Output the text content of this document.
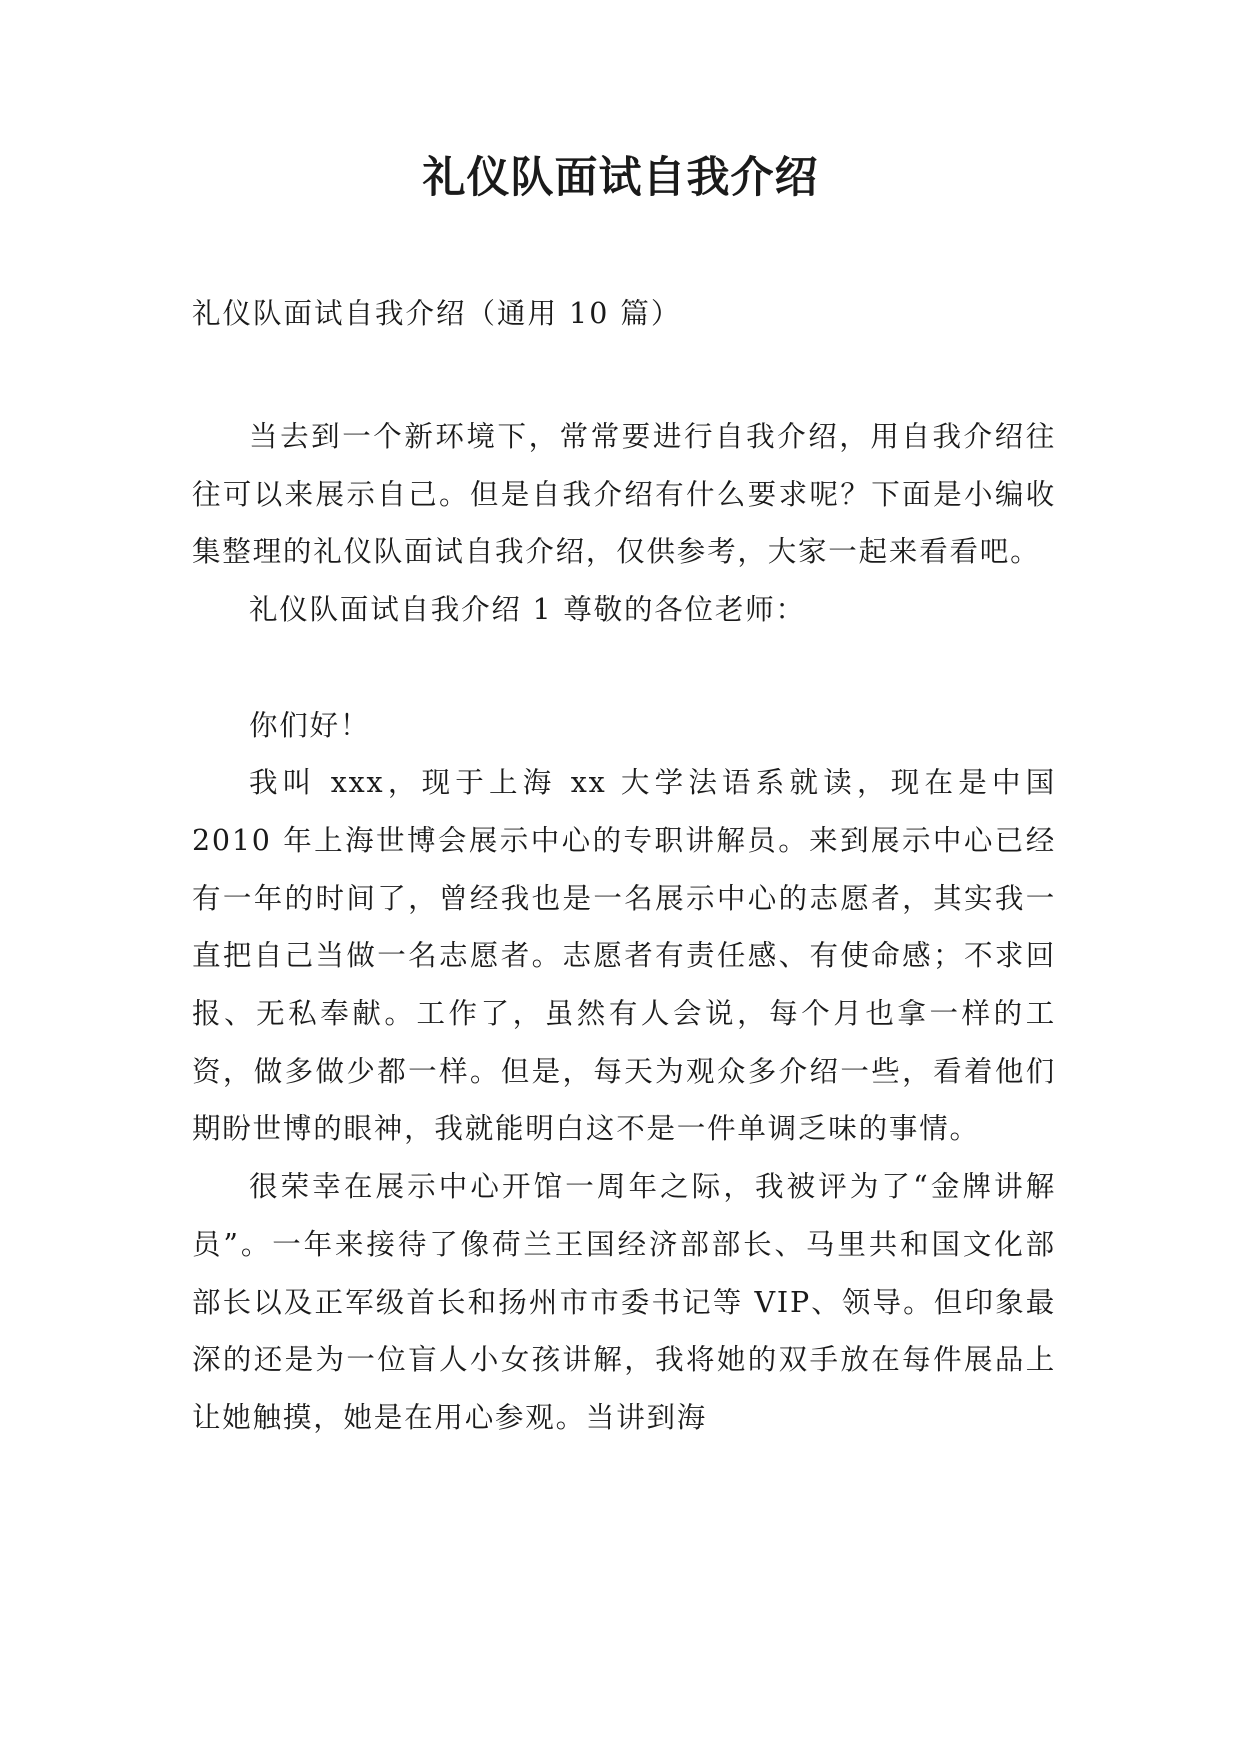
礼仪队面试自我介绍

礼仪队面试自我介绍（通用 10 篇）

当去到一个新环境下，常常要进行自我介绍，用自我介绍往往可以来展示自己。但是自我介绍有什么要求呢？下面是小编收集整理的礼仪队面试自我介绍，仅供参考，大家一起来看看吧。

礼仪队面试自我介绍 1 尊敬的各位老师：

你们好！

我叫 xxx，现于上海 xx 大学法语系就读，现在是中国 2010 年上海世博会展示中心的专职讲解员。来到展示中心已经有一年的时间了，曾经我也是一名展示中心的志愿者，其实我一直把自己当做一名志愿者。志愿者有责任感、有使命感；不求回报、无私奉献。工作了，虽然有人会说，每个月也拿一样的工资，做多做少都一样。但是，每天为观众多介绍一些，看着他们期盼世博的眼神，我就能明白这不是一件单调乏味的事情。

很荣幸在展示中心开馆一周年之际，我被评为了“金牌讲解员”。一年来接待了像荷兰王国经济部部长、马里共和国文化部部长以及正军级首长和扬州市市委书记等 VIP、领导。但印象最深的还是为一位盲人小女孩讲解，我将她的双手放在每件展品上让她触摸，她是在用心参观。当讲到海
